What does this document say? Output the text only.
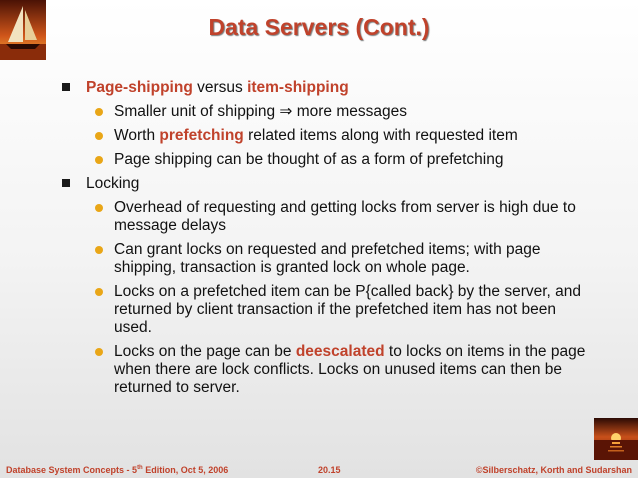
Data Servers (Cont.)
Page-shipping versus item-shipping
Smaller unit of shipping ⇒ more messages
Worth prefetching related items along with requested item
Page shipping can be thought of as a form of prefetching
Locking
Overhead of requesting and getting locks from server is high due to message delays
Can grant locks on requested and prefetched items; with page shipping, transaction is granted lock on whole page.
Locks on a prefetched item can be P{called back} by the server, and returned by client transaction if the prefetched item has not been used.
Locks on the page can be deescalated to locks on items in the page when there are lock conflicts. Locks on unused items can then be returned to server.
Database System Concepts - 5th Edition, Oct 5, 2006	20.15	©Silberschatz, Korth and Sudarshan
